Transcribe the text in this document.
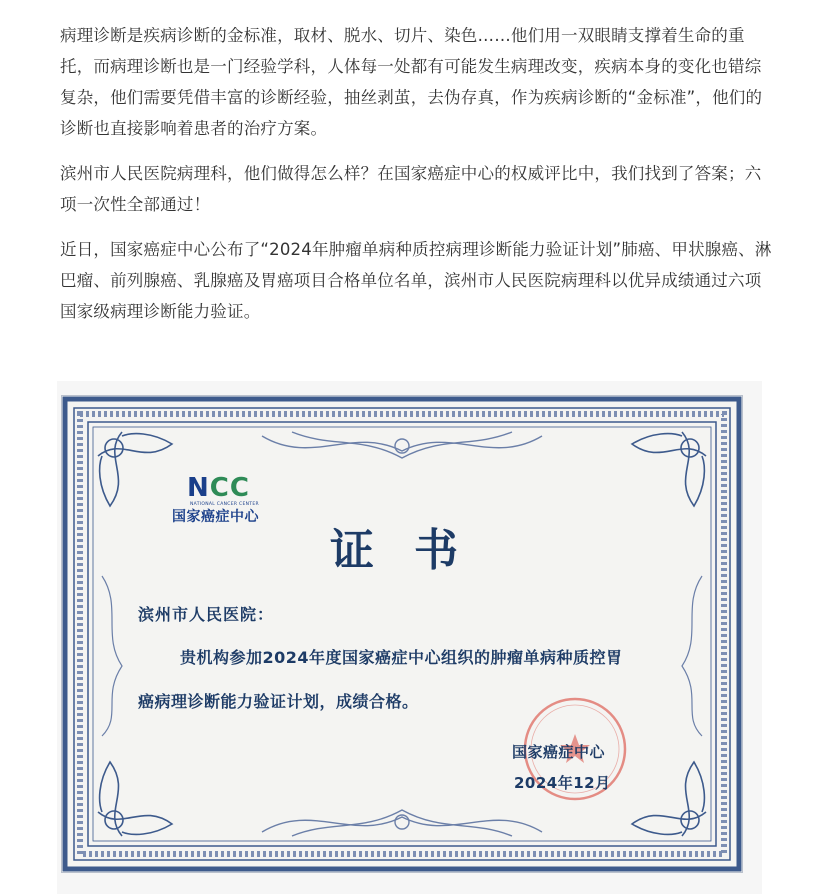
病理诊断是疾病诊断的金标准，取材、脱水、切片、染色……他们用一双眼睛支撑着生命的重托，而病理诊断也是一门经验学科，人体每一处都有可能发生病理改变，疾病本身的变化也错综复杂，他们需要凭借丰富的诊断经验，抽丝剥茧，去伪存真，作为疾病诊断的“金标准”，他们的诊断也直接影响着患者的治疗方案。

滨州市人民医院病理科，他们做得怎么样？在国家癌症中心的权威评比中，我们找到了答案；六项一次性全部通过！

近日，国家癌症中心公布了“2024年肿瘤单病种质控病理诊断能力验证计划”肺癌、甲状腺癌、淋巴瘤、前列腺癌、乳腺癌及胃癌项目合格单位名单，滨州市人民医院病理科以优异成绩通过六项国家级病理诊断能力验证。

NCC
NATIONAL CANCER CENTER
国家癌症中心
证书
滨州市人民医院：
贵机构参加2024年度国家癌症中心组织的肿瘤单病种质控胃
癌病理诊断能力验证计划，成绩合格。
国家癌症中心
2024年12月
